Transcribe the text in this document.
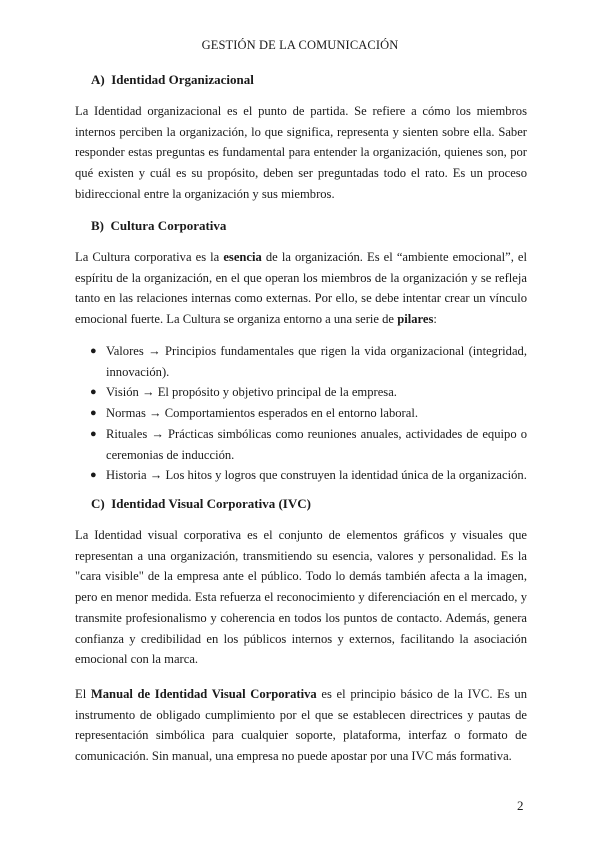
GESTIÓN DE LA COMUNICACIÓN
A)  Identidad Organizacional
La Identidad organizacional es el punto de partida. Se refiere a cómo los miembros internos perciben la organización, lo que significa, representa y sienten sobre ella. Saber responder estas preguntas es fundamental para entender la organización, quienes son, por qué existen y cuál es su propósito, deben ser preguntadas todo el rato. Es un proceso bidireccional entre la organización y sus miembros.
B)  Cultura Corporativa
La Cultura corporativa es la esencia de la organización. Es el “ambiente emocional”, el espíritu de la organización, en el que operan los miembros de la organización y se refleja tanto en las relaciones internas como externas. Por ello, se debe intentar crear un vínculo emocional fuerte. La Cultura se organiza entorno a una serie de pilares:
● Valores → Principios fundamentales que rigen la vida organizacional (integridad, innovación).
● Visión → El propósito y objetivo principal de la empresa.
● Normas → Comportamientos esperados en el entorno laboral.
● Rituales → Prácticas simbólicas como reuniones anuales, actividades de equipo o ceremonias de inducción.
● Historia → Los hitos y logros que construyen la identidad única de la organización.
C)  Identidad Visual Corporativa (IVC)
La Identidad visual corporativa es el conjunto de elementos gráficos y visuales que representan a una organización, transmitiendo su esencia, valores y personalidad. Es la "cara visible" de la empresa ante el público. Todo lo demás también afecta a la imagen, pero en menor medida. Esta refuerza el reconocimiento y diferenciación en el mercado, y transmite profesionalismo y coherencia en todos los puntos de contacto. Además, genera confianza y credibilidad en los públicos internos y externos, facilitando la asociación emocional con la marca.
El Manual de Identidad Visual Corporativa es el principio básico de la IVC. Es un instrumento de obligado cumplimiento por el que se establecen directrices y pautas de representación simbólica para cualquier soporte, plataforma, interfaz o formato de comunicación. Sin manual, una empresa no puede apostar por una IVC más formativa.
2
